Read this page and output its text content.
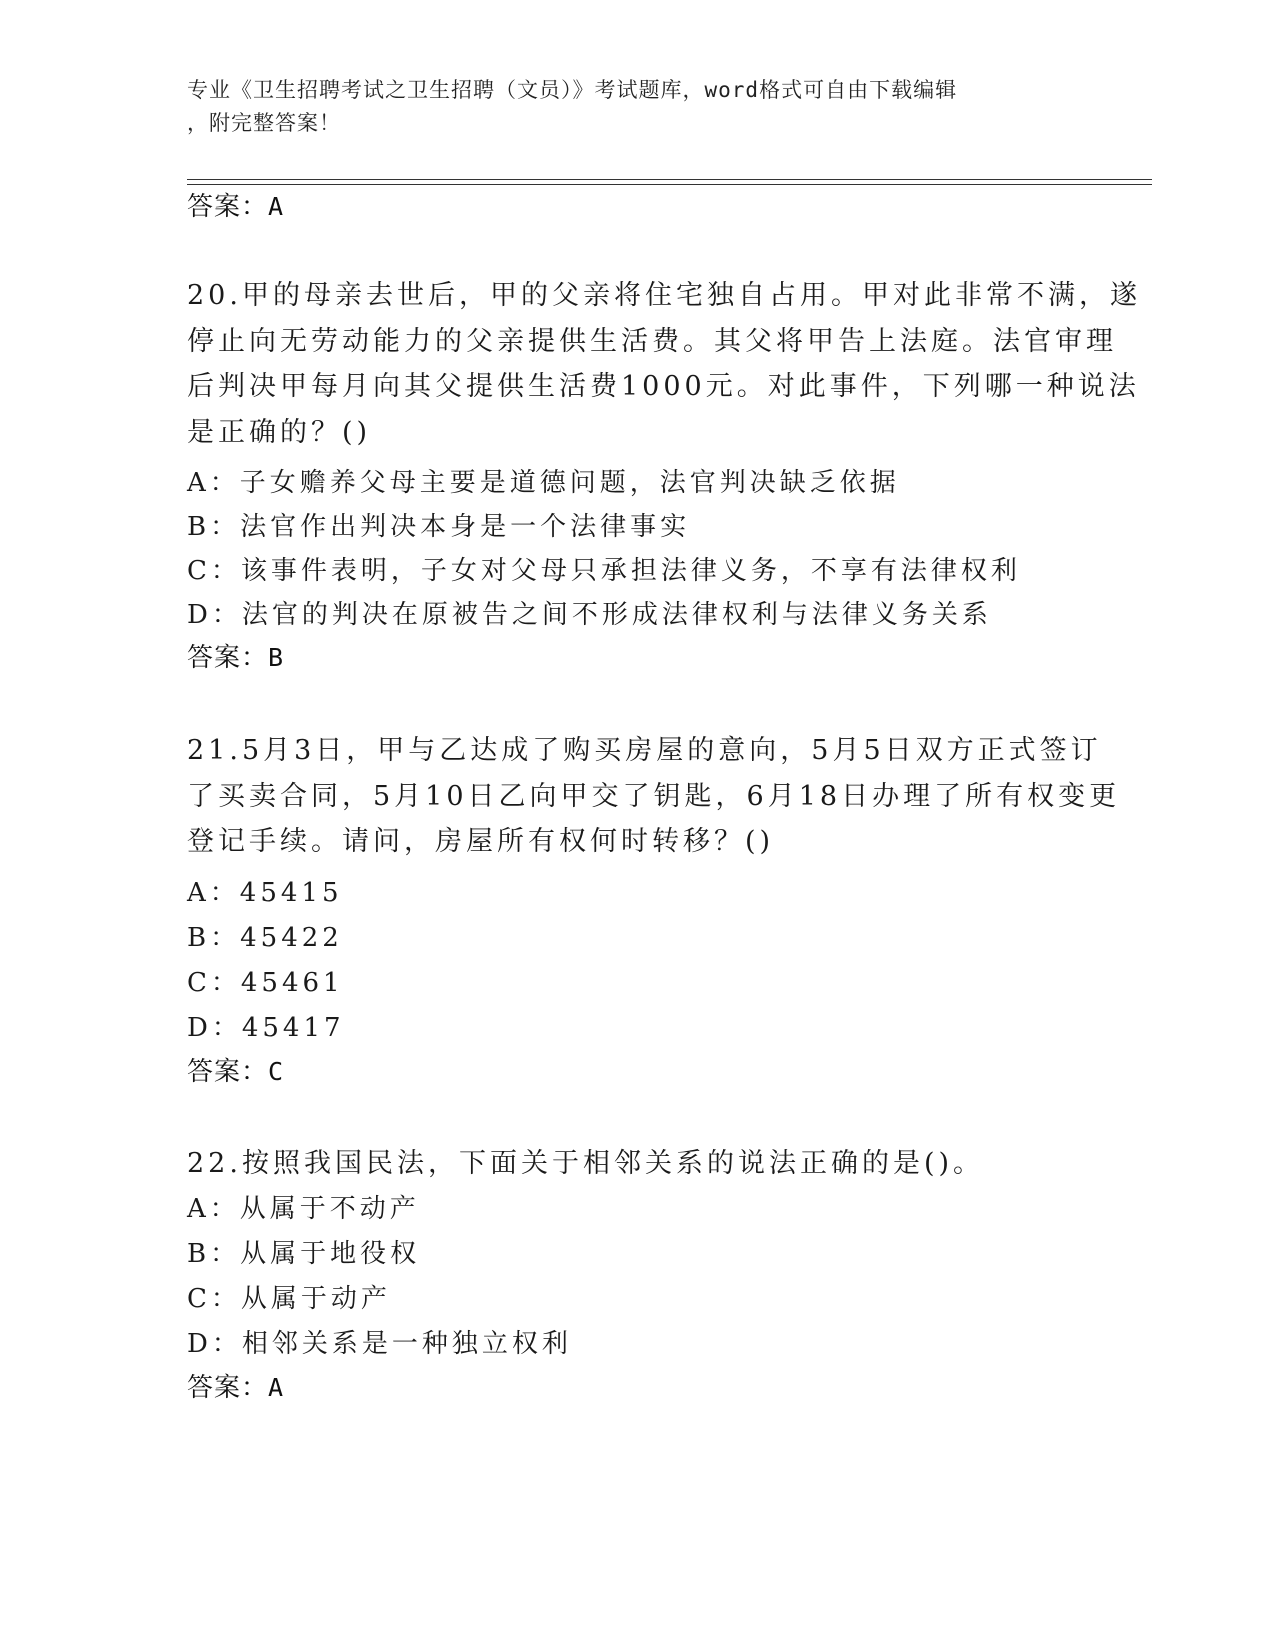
专业《卫生招聘考试之卫生招聘（文员）》考试题库，word格式可自由下载编辑
，附完整答案！
答案：A
20.甲的母亲去世后，甲的父亲将住宅独自占用。甲对此非常不满，遂
停止向无劳动能力的父亲提供生活费。其父将甲告上法庭。法官审理
后判决甲每月向其父提供生活费1000元。对此事件，下列哪一种说法
是正确的？()
A：子女赡养父母主要是道德问题，法官判决缺乏依据
B：法官作出判决本身是一个法律事实
C：该事件表明，子女对父母只承担法律义务，不享有法律权利
D：法官的判决在原被告之间不形成法律权利与法律义务关系
答案：B
21.5月3日，甲与乙达成了购买房屋的意向，5月5日双方正式签订
了买卖合同，5月10日乙向甲交了钥匙，6月18日办理了所有权变更
登记手续。请问，房屋所有权何时转移？()
A：45415
B：45422
C：45461
D：45417
答案：C
22.按照我国民法，下面关于相邻关系的说法正确的是()。
A：从属于不动产
B：从属于地役权
C：从属于动产
D：相邻关系是一种独立权利
答案：A
